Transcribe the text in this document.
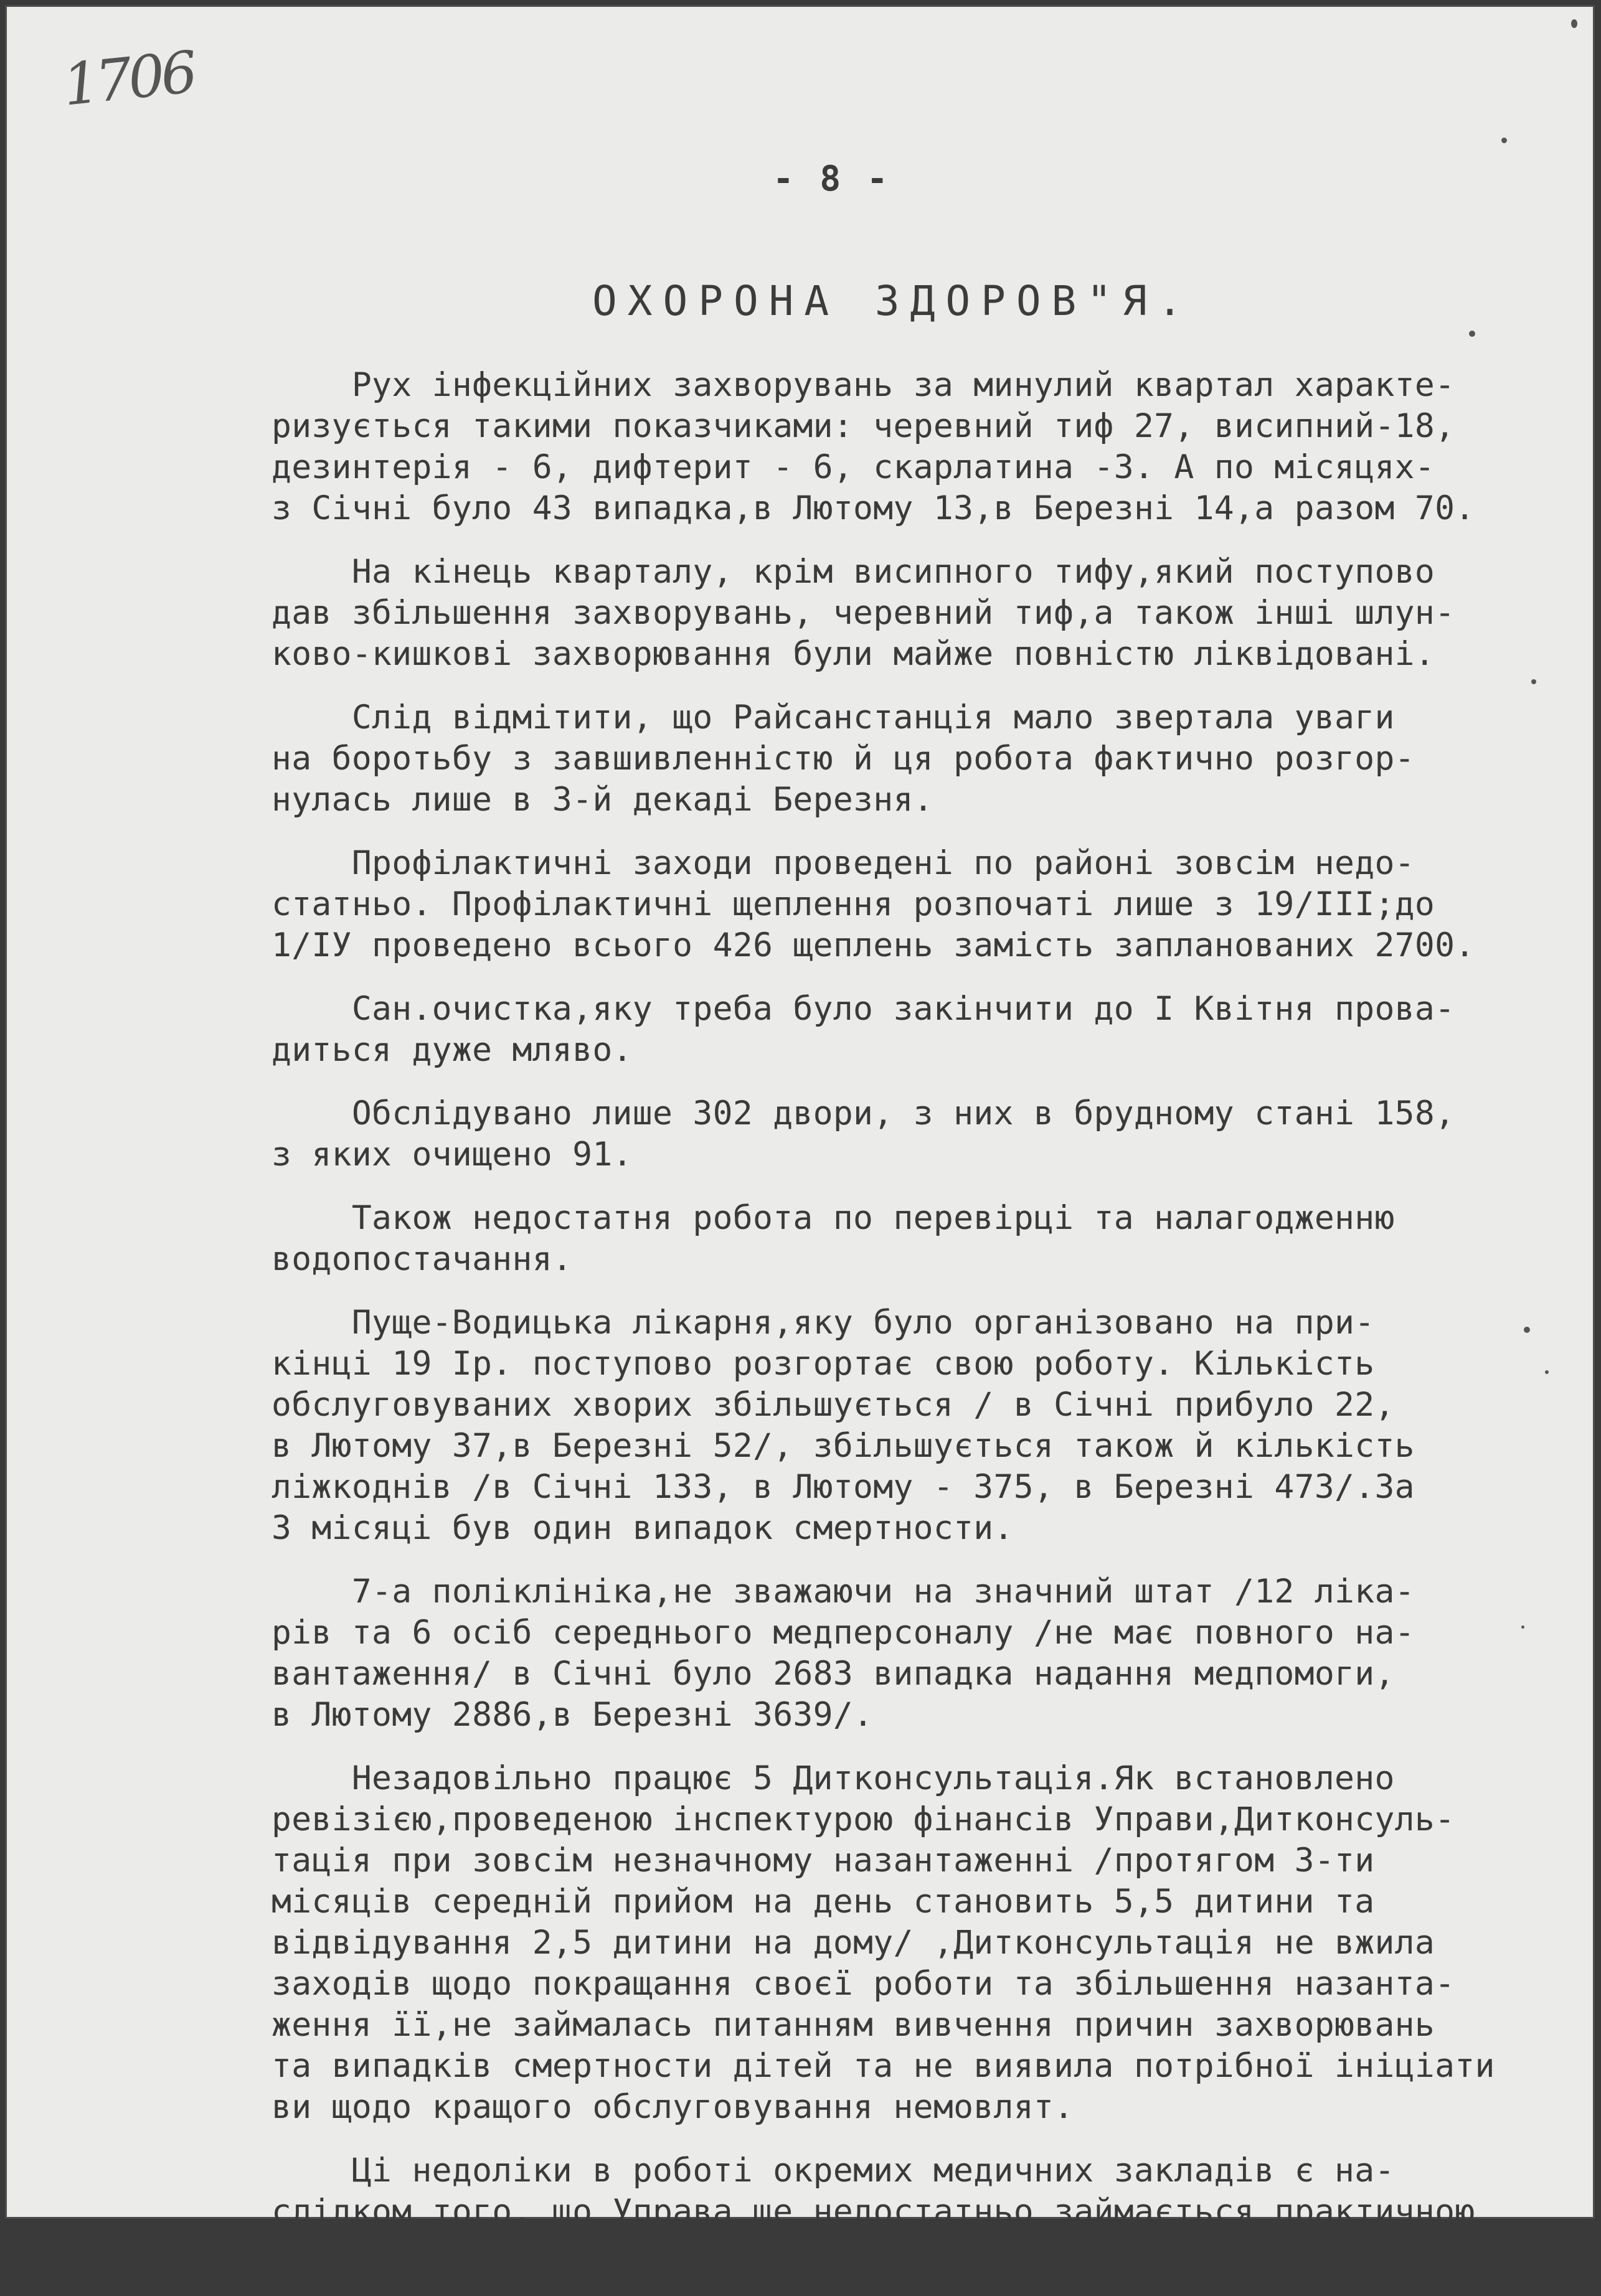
1706
- 8 -
ОХОРОНА ЗДОРОВ"Я.
Рух інфекційних захворувань за минулий квартал характе-
ризується такими показчиками: черевний тиф 27, висипний-18,
дезинтерія - 6, дифтерит - 6, скарлатина -3. А по місяцях-
з Січні було 43 випадка,в Лютому 13,в Березні 14,а разом 70.
На кінець кварталу, крім висипного тифу,який поступово
дав збільшення захворувань, черевний тиф,а також інші шлун-
ково-кишкові захворювання були майже повністю ліквідовані.
Слід відмітити, що Райсанстанція мало звертала уваги
на боротьбу з завшивленністю й ця робота фактично розгор-
нулась лише в 3-й декаді Березня.
Профілактичні заходи проведені по районі зовсім недо-
статньо. Профілактичні щеплення розпочаті лише з 19/ІІІ;до
1/ІУ проведено всього 426 щеплень замість запланованих 2700.
Сан.очистка,яку треба було закінчити до І Квітня прова-
диться дуже мляво.
Обслідувано лише 302 двори, з них в брудному стані 158,
з яких очищено 91.
Також недостатня робота по перевірці та налагодженню
водопостачання.
Пуще-Водицька лікарня,яку було організовано на при-
кінці 19 Ір. поступово розгортає свою роботу. Кількість
обслуговуваних хворих збільшується / в Січні прибуло 22,
в Лютому 37,в Березні 52/, збільшується також й кількість
ліжкоднів /в Січні 133, в Лютому - 375, в Березні 473/.За
3 місяці був один випадок смертности.
7-а поліклініка,не зважаючи на значний штат /12 ліка-
рів та 6 осіб середнього медперсоналу /не має повного на-
вантаження/ в Січні було 2683 випадка надання медпомоги,
в Лютому 2886,в Березні 3639/.
Незадовільно працює 5 Дитконсультація.Як встановлено
ревізією,проведеною інспектурою фінансів Управи,Дитконсуль-
тація при зовсім незначному назантаженні /протягом 3-ти
місяців середній прийом на день становить 5,5 дитини та
відвідування 2,5 дитини на дому/ ,Дитконсультація не вжила
заходів щодо покращання своєї роботи та збільшення назанта-
ження її,не займалась питанням вивчення причин захворювань
та випадків смертности дітей та не виявила потрібної ініціати
ви щодо кращого обслуговування немовлят.
Ці недоліки в роботі окремих медичних закладів є на-
слідком того, що Управа ще недостатньо займається практичною
роботою їх та недосить контролює їх діяльність.
